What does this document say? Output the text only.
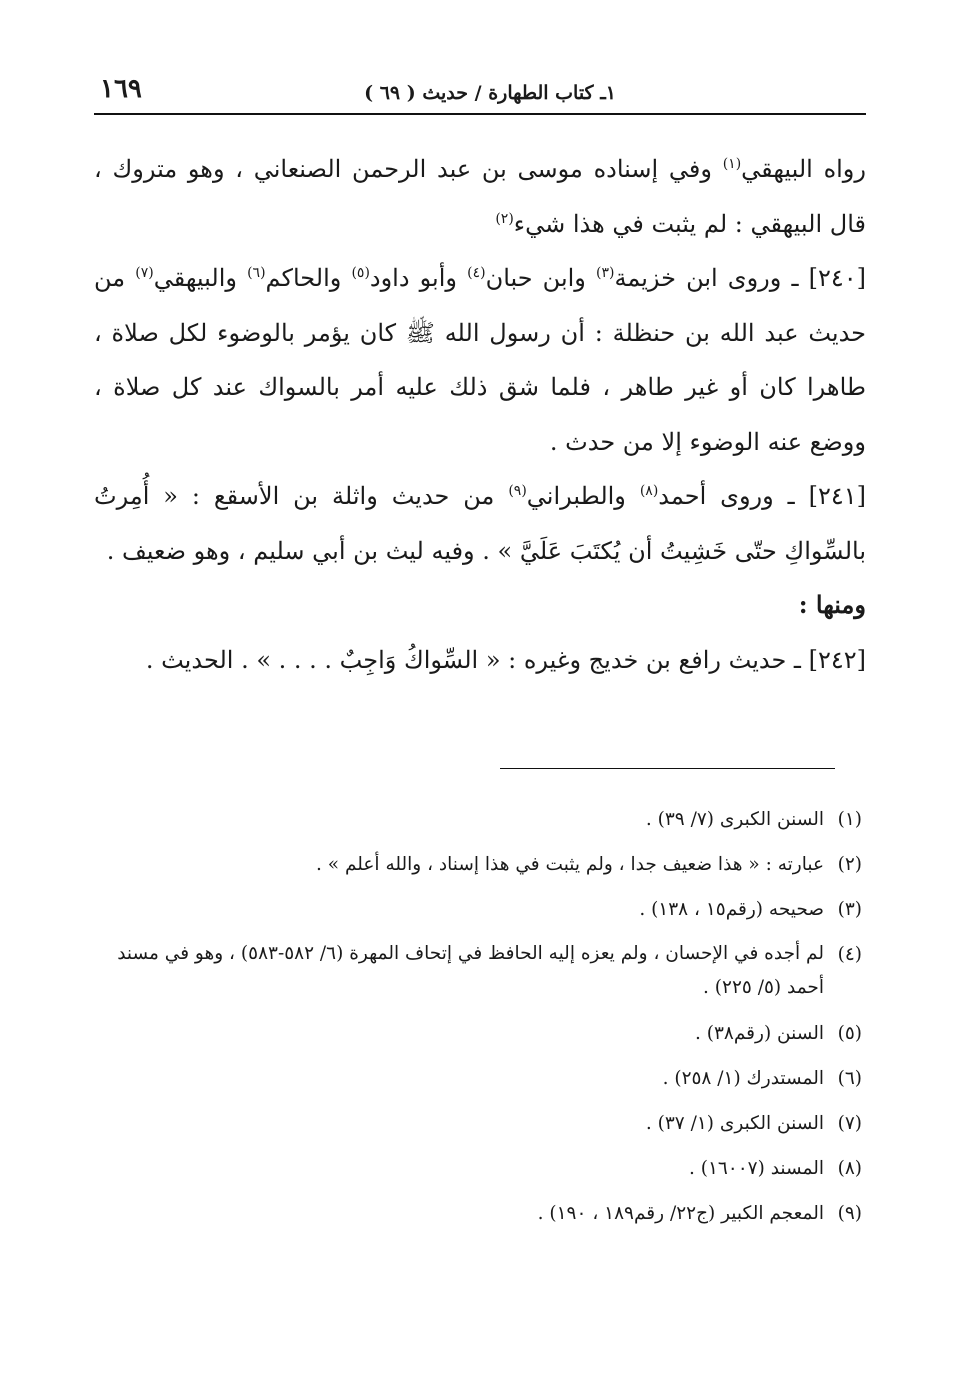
١ـ كتاب الطهارة / حديث ( ٦٩ )
١٦٩

رواه البيهقي$^{(١)}$ وفي إسناده موسى بن عبد الرحمن الصنعاني ، وهو متروك ، قال البيهقي : لم يثبت في هذا شيء$^{(٢)}$

[٢٤٠] ـ وروى ابن خزيمة$^{(٣)}$ وابن حبان$^{(٤)}$ وأبو داود$^{(٥)}$ والحاكم$^{(٦)}$ والبيهقي$^{(٧)}$ من حديث عبد الله بن حنظلة : أن رسول الله ﷺ كان يؤمر بالوضوء لكل صلاة ، طاهرا كان أو غير طاهر ، فلما شق ذلك عليه أمر بالسواك عند كل صلاة ، ووضع عنه الوضوء إلا من حدث .

[٢٤١] ـ وروى أحمد$^{(٨)}$ والطبراني$^{(٩)}$ من حديث واثلة بن الأسقع : « أُمِرتُ بالسِّواكِ حتّى خَشِيتُ أن يُكتَبَ عَلَيَّ » . وفيه ليث بن أبي سليم ، وهو ضعيف .

ومنها :

[٢٤٢] ـ حديث رافع بن خديج وغيره : « السِّواكُ وَاجِبٌ . . . . » . الحديث .

(١)
السنن الكبرى (٧/ ٣٩) .

(٢)
عبارته : « هذا ضعيف جدا ، ولم يثبت في هذا إسناد ، والله أعلم » .

(٣)
صحيحه (رقم١٥ ، ١٣٨) .

(٤)
لم أجده في الإحسان ، ولم يعزه إليه الحافظ في إتحاف المهرة (٦/ ٥٨٢-٥٨٣) ، وهو في مسند أحمد (٥/ ٢٢٥) .

(٥)
السنن (رقم٣٨) .

(٦)
المستدرك (١/ ٢٥٨) .

(٧)
السنن الكبرى (١/ ٣٧) .

(٨)
المسند (١٦٠٠٧) .

(٩)
المعجم الكبير (ج٢٢/ رقم١٨٩ ، ١٩٠) .
